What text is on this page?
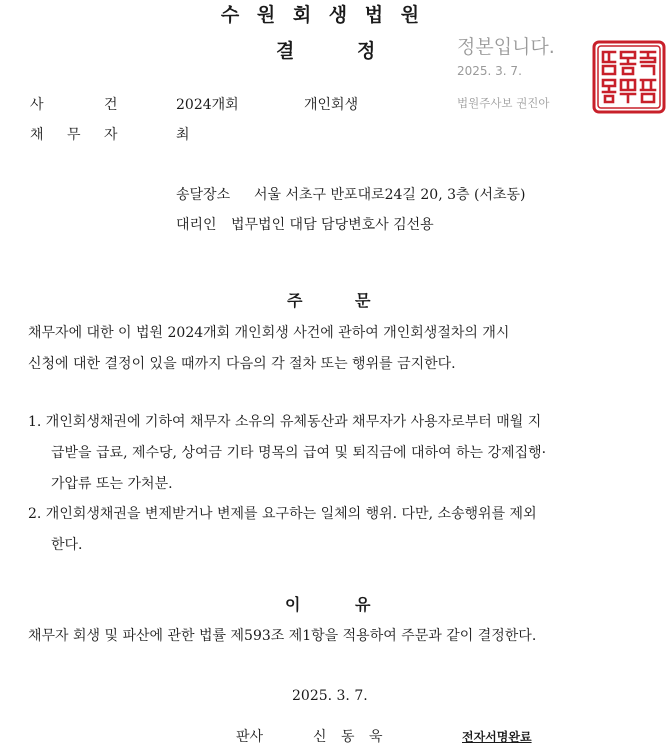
수 원 회 생 법 원
결	정	정본입니다.
2025. 3. 7.
법원주사보 권진아
사	건	2024개회	개인회생
채 무 자	최
송달장소 서울 서초구 반포대로24길 20, 3층 (서초동)
대리인 법무법인 대담 담당변호사 김선용
주	문
채무자에 대한 이 법원 2024개회 개인회생 사건에 관하여 개인회생절차의 개시
신청에 대한 결정이 있을 때까지 다음의 각 절차 또는 행위를 금지한다.
1. 개인회생채권에 기하여 채무자 소유의 유체동산과 채무자가 사용자로부터 매월 지
급받을 급료, 제수당, 상여금 기타 명목의 급여 및 퇴직금에 대하여 하는 강제집행·
가압류 또는 가처분.
2. 개인회생채권을 변제받거나 변제를 요구하는 일체의 행위. 다만, 소송행위를 제외
한다.
이	유
채무자 회생 및 파산에 관한 법률 제593조 제1항을 적용하여 주문과 같이 결정한다.
2025. 3. 7.
판사	신 동 욱	전자서명완료
